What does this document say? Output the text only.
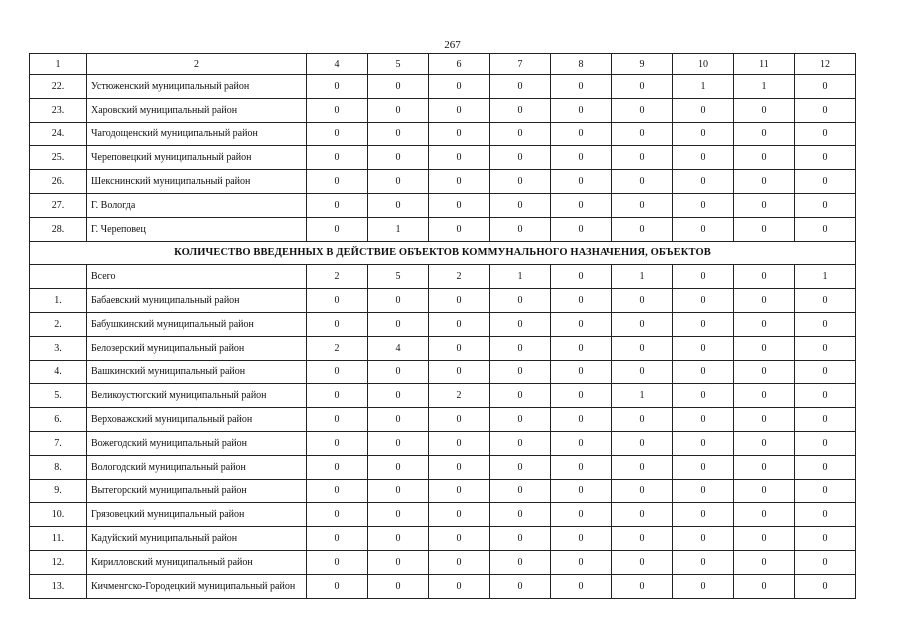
267
1	2	4	5	6	7	8	9	10	11	12
22.	Устюженский муниципальный район	0	0	0	0	0	0	1	1	0
23.	Харовский муниципальный район	0	0	0	0	0	0	0	0	0
24.	Чагодощенский муниципальный район	0	0	0	0	0	0	0	0	0
25.	Череповецкий муниципальный район	0	0	0	0	0	0	0	0	0
26.	Шекснинский муниципальный район	0	0	0	0	0	0	0	0	0
27.	Г. Вологда	0	0	0	0	0	0	0	0	0
28.	Г. Череповец	0	1	0	0	0	0	0	0	0
КОЛИЧЕСТВО ВВЕДЕННЫХ В ДЕЙСТВИЕ ОБЪЕКТОВ КОММУНАЛЬНОГО НАЗНАЧЕНИЯ, ОБЪЕКТОВ										
	Всего	2	5	2	1	0	1	0	0	1
1.	Бабаевский муниципальный район	0	0	0	0	0	0	0	0	0
2.	Бабушкинский муниципальный район	0	0	0	0	0	0	0	0	0
3.	Белозерский муниципальный район	2	4	0	0	0	0	0	0	0
4.	Вашкинский муниципальный район	0	0	0	0	0	0	0	0	0
5.	Великоустюгский муниципальный район	0	0	2	0	0	1	0	0	0
6.	Верховажский муниципальный район	0	0	0	0	0	0	0	0	0
7.	Вожегодский муниципальный район	0	0	0	0	0	0	0	0	0
8.	Вологодский муниципальный район	0	0	0	0	0	0	0	0	0
9.	Вытегорский муниципальный район	0	0	0	0	0	0	0	0	0
10.	Грязовецкий муниципальный район	0	0	0	0	0	0	0	0	0
11.	Кадуйский муниципальный район	0	0	0	0	0	0	0	0	0
12.	Кирилловский муниципальный район	0	0	0	0	0	0	0	0	0
13.	Кичменгско-Городецкий муниципальный район	0	0	0	0	0	0	0	0	0
